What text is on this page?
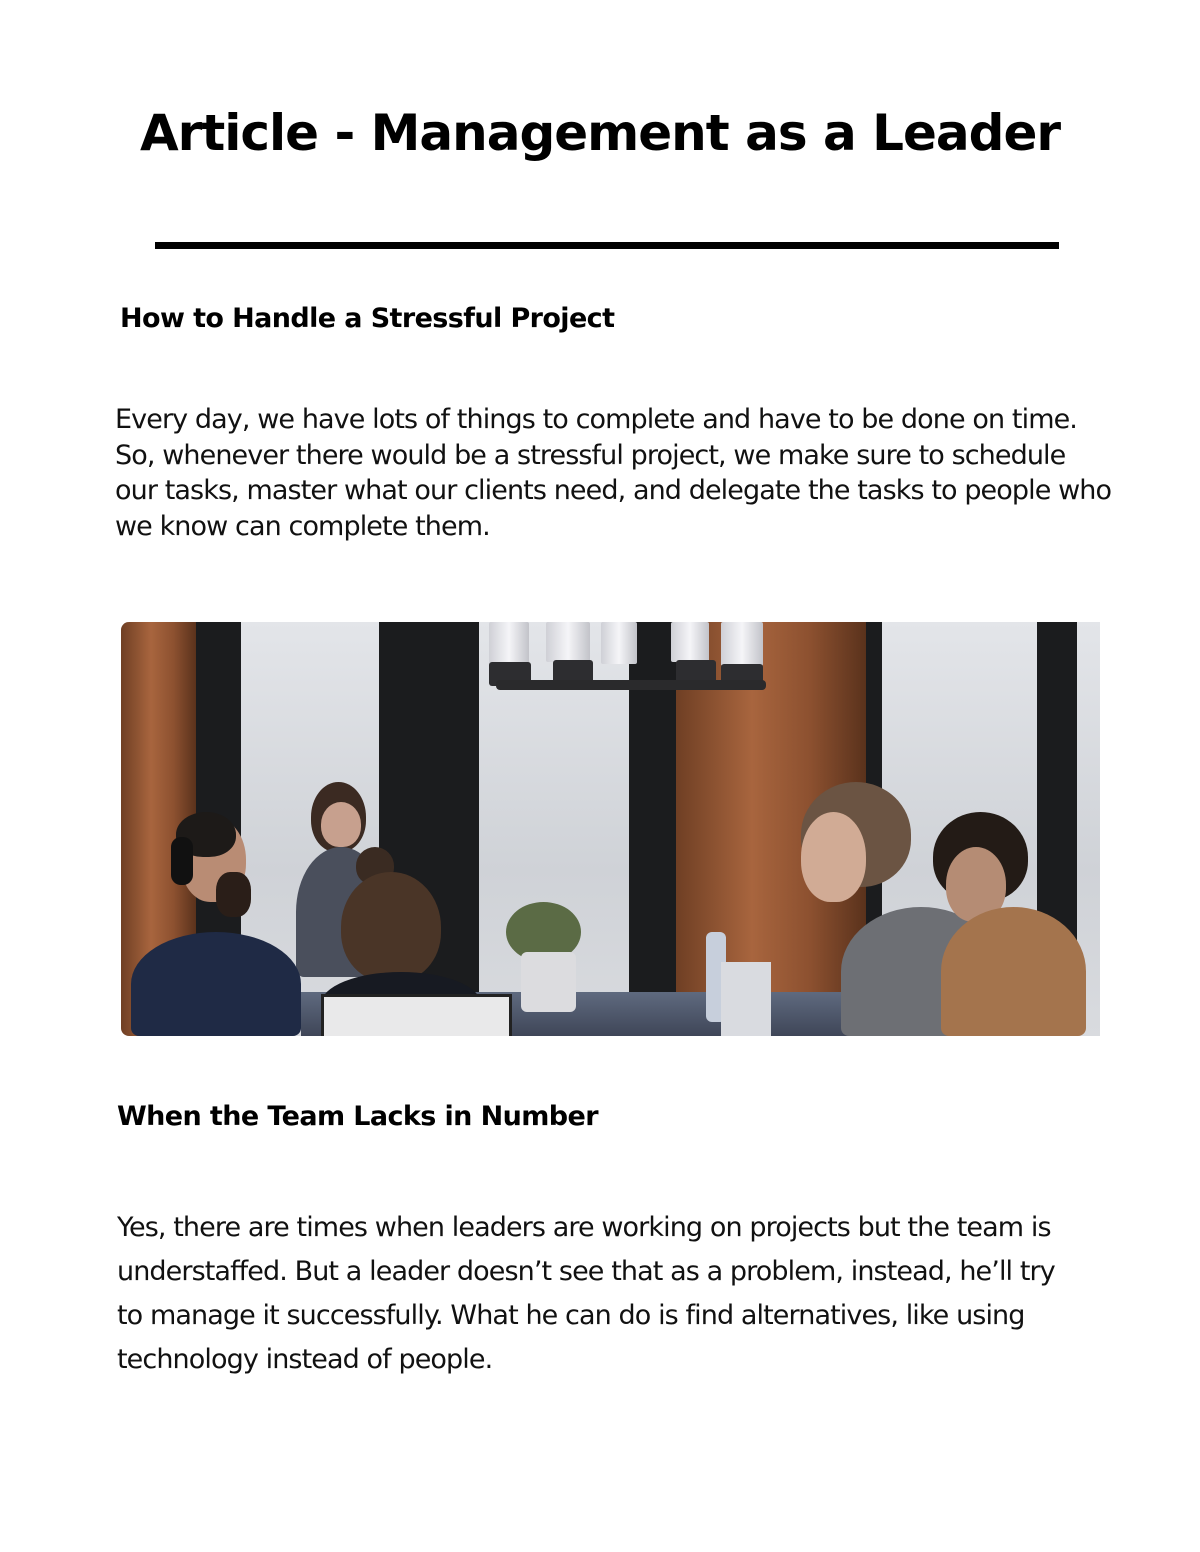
Article - Management as a Leader
How to Handle a Stressful Project

Every day, we have lots of things to complete and have to be done on time. So, whenever there would be a stressful project, we make sure to schedule our tasks, master what our clients need, and delegate the tasks to people who we know can complete them.

When the Team Lacks in Number

Yes, there are times when leaders are working on projects but the team is understaffed. But a leader doesn’t see that as a problem, instead, he’ll try to manage it successfully. What he can do is find alternatives, like using technology instead of people.
